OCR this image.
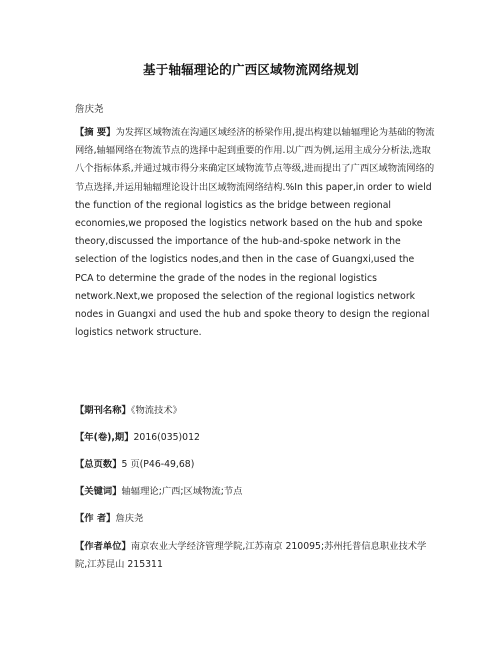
基于轴辐理论的广西区域物流网络规划
詹庆尧
【摘 要】为发挥区域物流在沟通区域经济的桥梁作用,提出构建以轴辐理论为基础的物流网络,轴辐网络在物流节点的选择中起到重要的作用.以广西为例,运用主成分分析法,选取八个指标体系,并通过城市得分来确定区域物流节点等级,进而提出了广西区域物流网络的节点选择,并运用轴辐理论设计出区域物流网络结构.%In this paper,in order to wield the function of the regional logistics as the bridge between regional economies,we proposed the logistics network based on the hub and spoke theory,discussed the importance of the hub-and-spoke network in the selection of the logistics nodes,and then in the case of Guangxi,used the PCA to determine the grade of the nodes in the regional logistics network.Next,we proposed the selection of the regional logistics network nodes in Guangxi and used the hub and spoke theory to design the regional logistics network structure.
【期刊名称】《物流技术》
【年(卷),期】2016(035)012
【总页数】5 页(P46-49,68)
【关键词】轴辐理论;广西;区域物流;节点
【作 者】詹庆尧
【作者单位】南京农业大学经济管理学院,江苏南京 210095;苏州托普信息职业技术学院,江苏昆山 215311
